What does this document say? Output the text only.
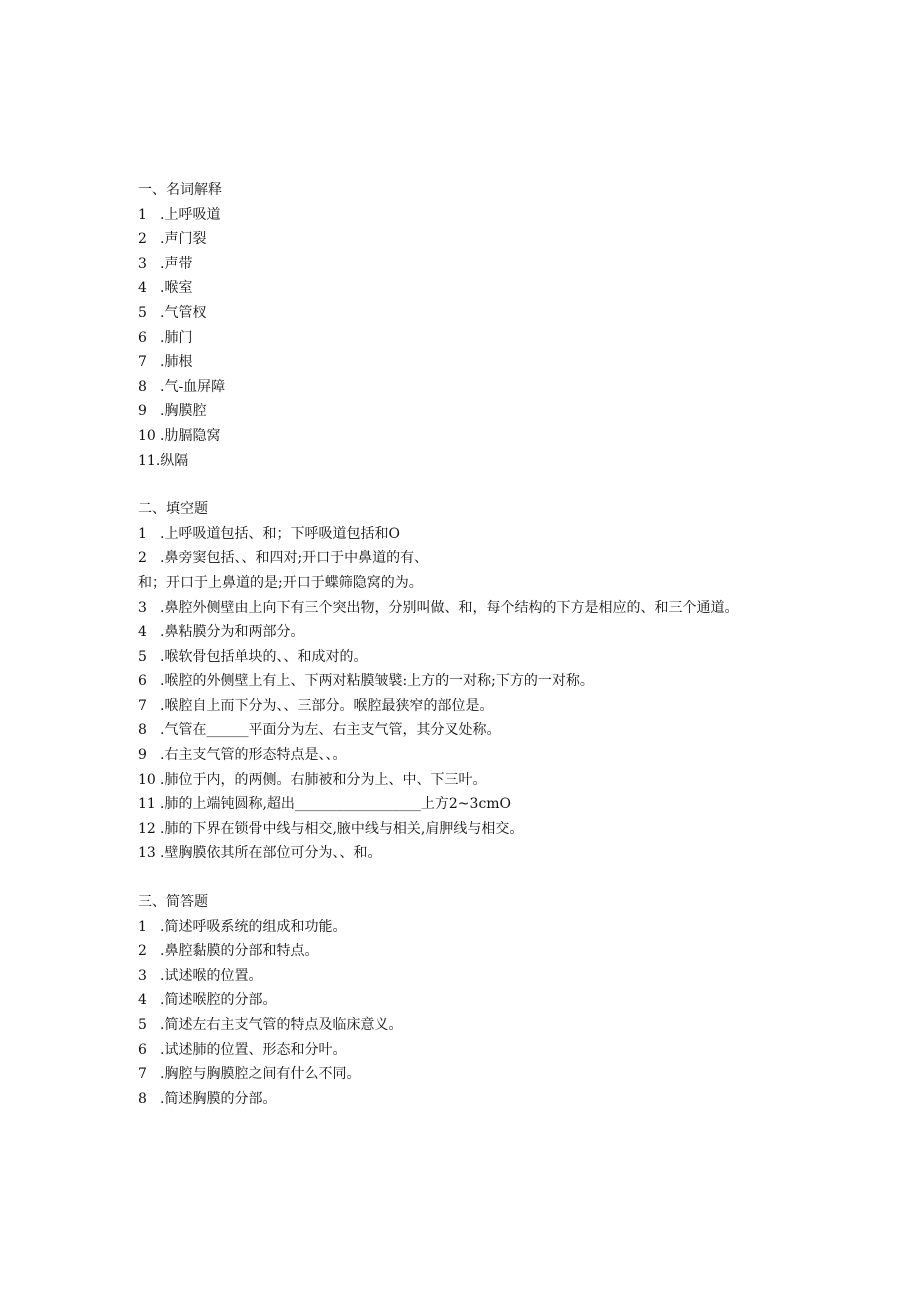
一、名词解释
1 .上呼吸道
2 .声门裂
3 .声带
4 .喉室
5 .气管杈
6 .肺门
7 .肺根
8 .气-血屏障
9 .胸膜腔
10 .肋膈隐窝
11.纵隔
二、填空题
1 .上呼吸道包括、和；下呼吸道包括和O
2 .鼻旁窦包括、、和四对;开口于中鼻道的有、
和；开口于上鼻道的是;开口于蝶筛隐窝的为。
3 .鼻腔外侧壁由上向下有三个突出物，分别叫做、和，每个结构的下方是相应的、和三个通道。
4 .鼻粘膜分为和两部分。
5 .喉软骨包括单块的、、和成对的。
6 .喉腔的外侧壁上有上、下两对粘膜皱襞:上方的一对称;下方的一对称。
7 .喉腔自上而下分为、、三部分。喉腔最狭窄的部位是。
8 .气管在______平面分为左、右主支气管，其分叉处称。
9 .右主支气管的形态特点是、、。
10 .肺位于内，的两侧。右肺被和分为上、中、下三叶。
11 .肺的上端钝圆称,超出__________________上方2~3cmO
12 .肺的下界在锁骨中线与相交,腋中线与相关,肩胛线与相交。
13 .壁胸膜依其所在部位可分为、、和。
三、简答题
1 .简述呼吸系统的组成和功能。
2 .鼻腔黏膜的分部和特点。
3 .试述喉的位置。
4 .简述喉腔的分部。
5 .简述左右主支气管的特点及临床意义。
6 .试述肺的位置、形态和分叶。
7 .胸腔与胸膜腔之间有什么不同。
8 .简述胸膜的分部。
